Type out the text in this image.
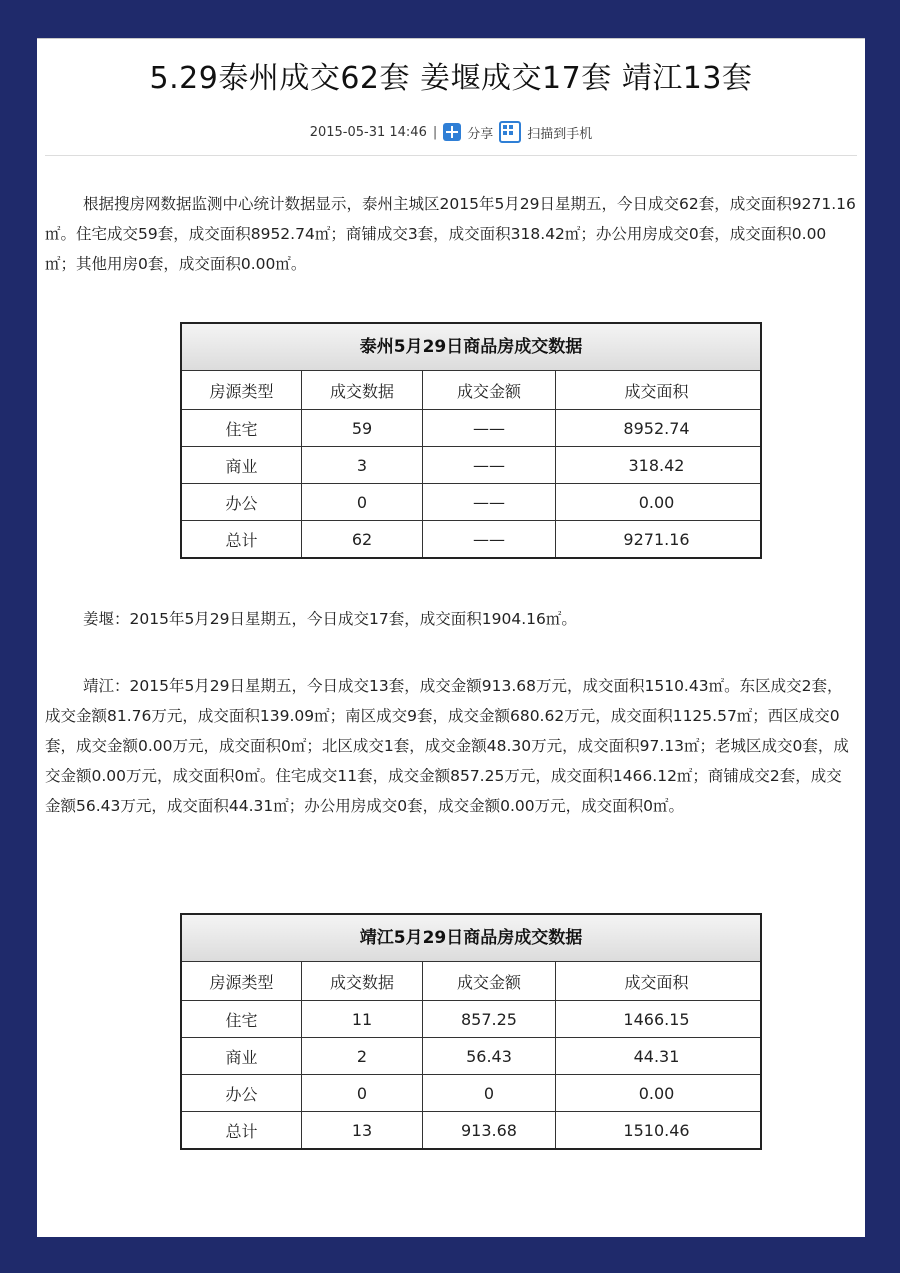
5.29泰州成交62套 姜堰成交17套 靖江13套
2015-05-31 14:46 | 分享	扫描到手机
根据搜房网数据监测中心统计数据显示，泰州主城区2015年5月29日星期五，今日成交62套，成交面积9271.16㎡。住宅成交59套，成交面积8952.74㎡；商铺成交3套，成交面积318.42㎡；办公用房成交0套，成交面积0.00㎡；其他用房0套，成交面积0.00㎡。
泰州5月29日商品房成交数据
房源类型	成交数据	成交金额	成交面积
住宅	59	——	8952.74
商业	3	——	318.42
办公	0	——	0.00
总计	62	——	9271.16
姜堰：2015年5月29日星期五，今日成交17套，成交面积1904.16㎡。
靖江：2015年5月29日星期五，今日成交13套，成交金额913.68万元，成交面积1510.43㎡。东区成交2套，成交金额81.76万元，成交面积139.09㎡；南区成交9套，成交金额680.62万元，成交面积1125.57㎡；西区成交0套，成交金额0.00万元，成交面积0㎡；北区成交1套，成交金额48.30万元，成交面积97.13㎡；老城区成交0套，成交金额0.00万元，成交面积0㎡。住宅成交11套，成交金额857.25万元，成交面积1466.12㎡；商铺成交2套，成交金额56.43万元，成交面积44.31㎡；办公用房成交0套，成交金额0.00万元，成交面积0㎡。
靖江5月29日商品房成交数据
房源类型	成交数据	成交金额	成交面积
住宅	11	857.25	1466.15
商业	2	56.43	44.31
办公	0	0	0.00
总计	13	913.68	1510.46
